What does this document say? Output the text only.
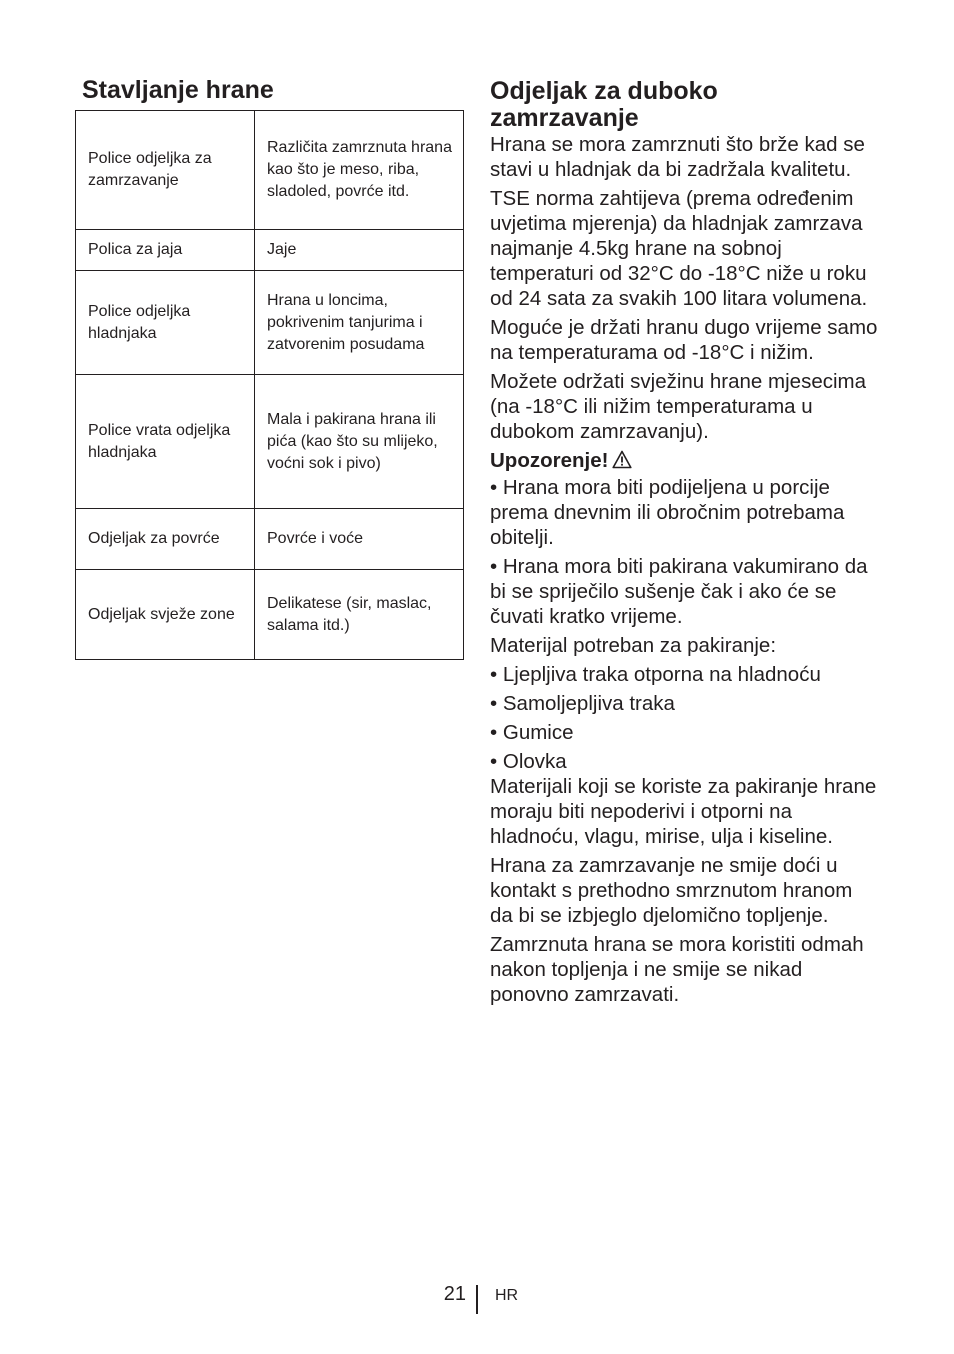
Stavljanje hrane
Police odjeljka za zamrzavanje	Različita zamrznuta hrana kao što je meso, riba, sladoled, povrće itd.
Polica za jaja	Jaje
Police odjeljka hladnjaka	Hrana u loncima, pokrivenim tanjurima i zatvorenim posudama
Police vrata odjeljka hladnjaka	Mala i pakirana hrana ili pića (kao što su mlijeko, voćni sok i pivo)
Odjeljak za povrće	Povrće i voće
Odjeljak svježe zone	Delikatese (sir, maslac, salama itd.)
Odjeljak za duboko zamrzavanje

Hrana se mora zamrznuti što brže kad se stavi u hladnjak da bi zadržala kvalitetu.

TSE norma zahtijeva (prema određenim uvjetima mjerenja) da hladnjak zamrzava najmanje 4.5kg hrane na sobnoj temperaturi od 32°C do -18°C niže u roku od 24 sata za svakih 100 litara volumena.

Moguće je držati hranu dugo vrijeme samo na temperaturama od -18°C i nižim.

Možete održati svježinu hrane mjesecima (na -18°C ili nižim temperaturama u dubokom zamrzavanju).

Upozorenje!

• Hrana mora biti podijeljena u porcije prema dnevnim ili obročnim potrebama obitelji.

• Hrana mora biti pakirana vakumirano da bi se spriječilo sušenje čak i ako će se čuvati kratko vrijeme.

Materijal potreban za pakiranje:

• Ljepljiva traka otporna na hladnoću

• Samoljepljiva traka

• Gumice

• Olovka

Materijali koji se koriste za pakiranje hrane moraju biti nepoderivi i otporni na hladnoću, vlagu, mirise, ulja i kiseline.

Hrana za zamrzavanje ne smije doći u kontakt s prethodno smrznutom hranom da bi se izbjeglo djelomično topljenje.

Zamrznuta hrana se mora koristiti odmah nakon topljenja i ne smije se nikad ponovno zamrzavati.

21 HR
